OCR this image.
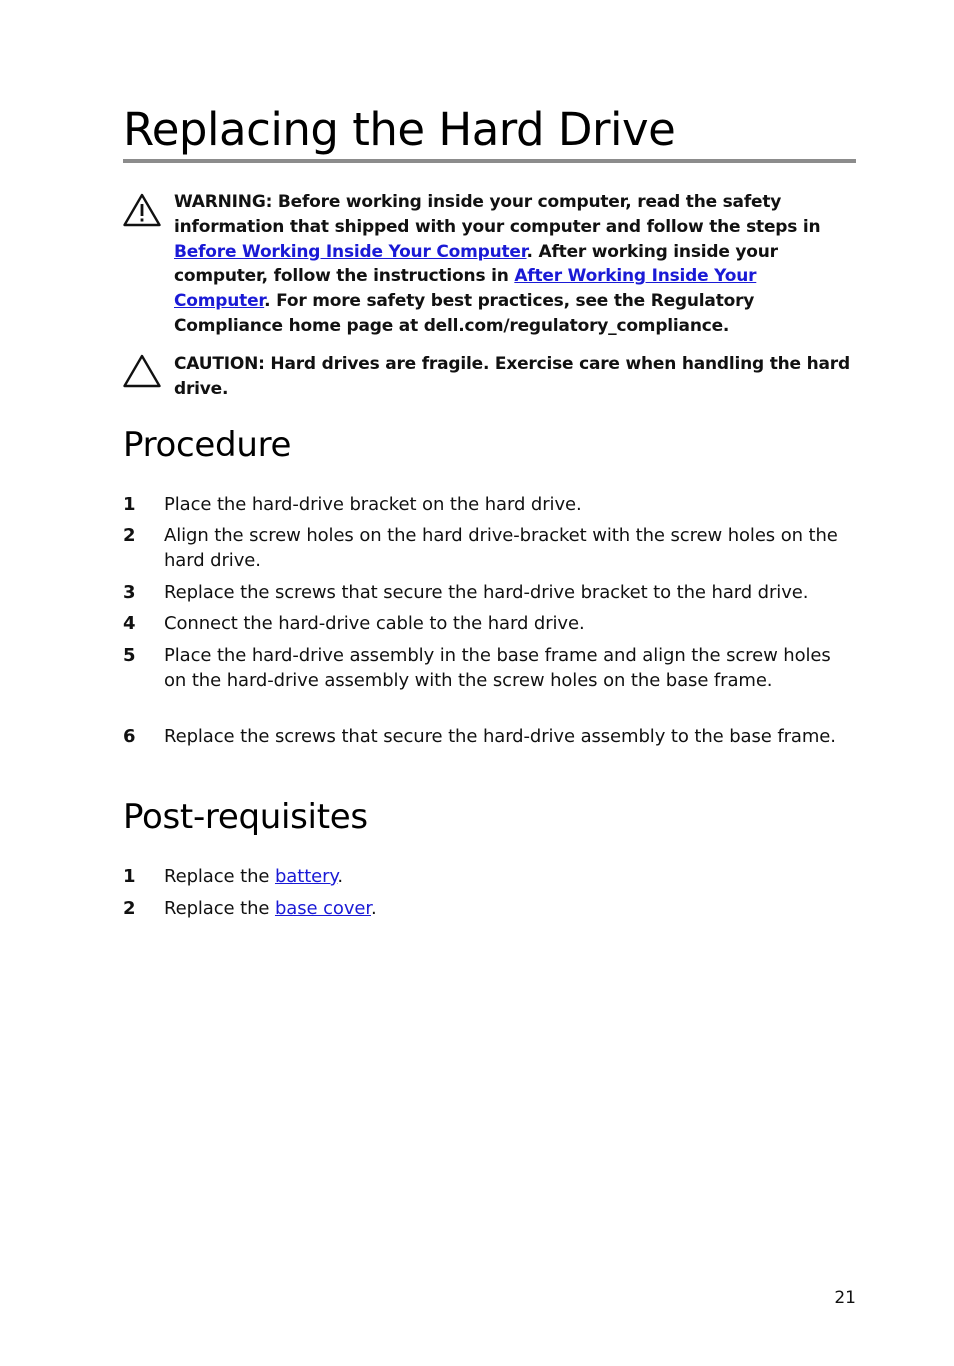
Replacing the Hard Drive
WARNING: Before working inside your computer, read the safety information that shipped with your computer and follow the steps in Before Working Inside Your Computer. After working inside your computer, follow the instructions in After Working Inside Your Computer. For more safety best practices, see the Regulatory Compliance home page at dell.com/regulatory_compliance.
CAUTION: Hard drives are fragile. Exercise care when handling the hard drive.
Procedure
1	Place the hard-drive bracket on the hard drive.
2	Align the screw holes on the hard drive-bracket with the screw holes on the hard drive.
3	Replace the screws that secure the hard-drive bracket to the hard drive.
4	Connect the hard-drive cable to the hard drive.
5	Place the hard-drive assembly in the base frame and align the screw holes on the hard-drive assembly with the screw holes on the base frame.
6	Replace the screws that secure the hard-drive assembly to the base frame.
Post-requisites
1	Replace the battery.
2	Replace the base cover.
21
